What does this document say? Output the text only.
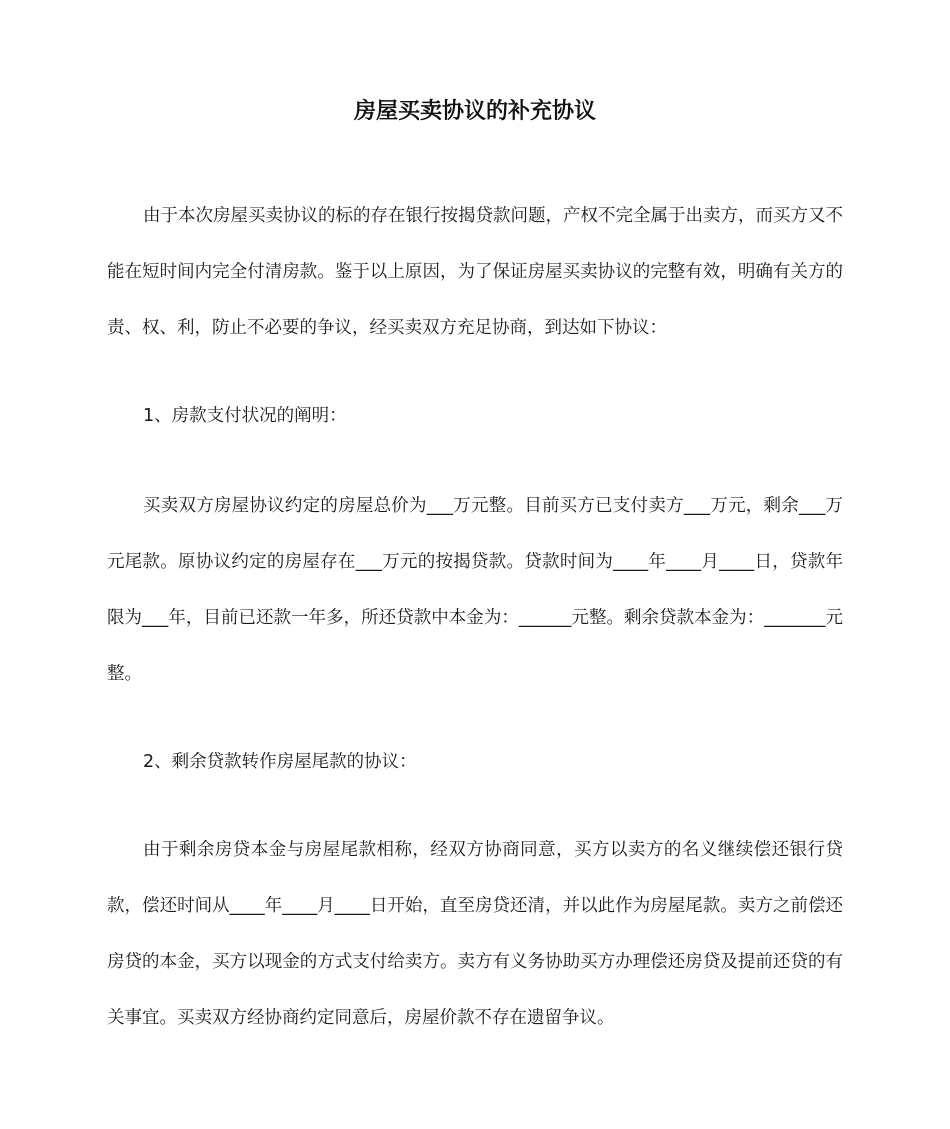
房屋买卖协议的补充协议

由于本次房屋买卖协议的标的存在银行按揭贷款问题，产权不完全属于出卖方，而买方又不能在短时间内完全付清房款。鉴于以上原因，为了保证房屋买卖协议的完整有效，明确有关方的责、权、利，防止不必要的争议，经买卖双方充足协商，到达如下协议：

1、房款支付状况的阐明：

买卖双方房屋协议约定的房屋总价为___万元整。目前买方已支付卖方___万元，剩余___万元尾款。原协议约定的房屋存在___万元的按揭贷款。贷款时间为____年____月____日，贷款年限为___年，目前已还款一年多，所还贷款中本金为：______元整。剩余贷款本金为：_______元整。

2、剩余贷款转作房屋尾款的协议：

由于剩余房贷本金与房屋尾款相称，经双方协商同意，买方以卖方的名义继续偿还银行贷款，偿还时间从____年____月____日开始，直至房贷还清，并以此作为房屋尾款。卖方之前偿还房贷的本金，买方以现金的方式支付给卖方。卖方有义务协助买方办理偿还房贷及提前还贷的有关事宜。买卖双方经协商约定同意后，房屋价款不存在遗留争议。
